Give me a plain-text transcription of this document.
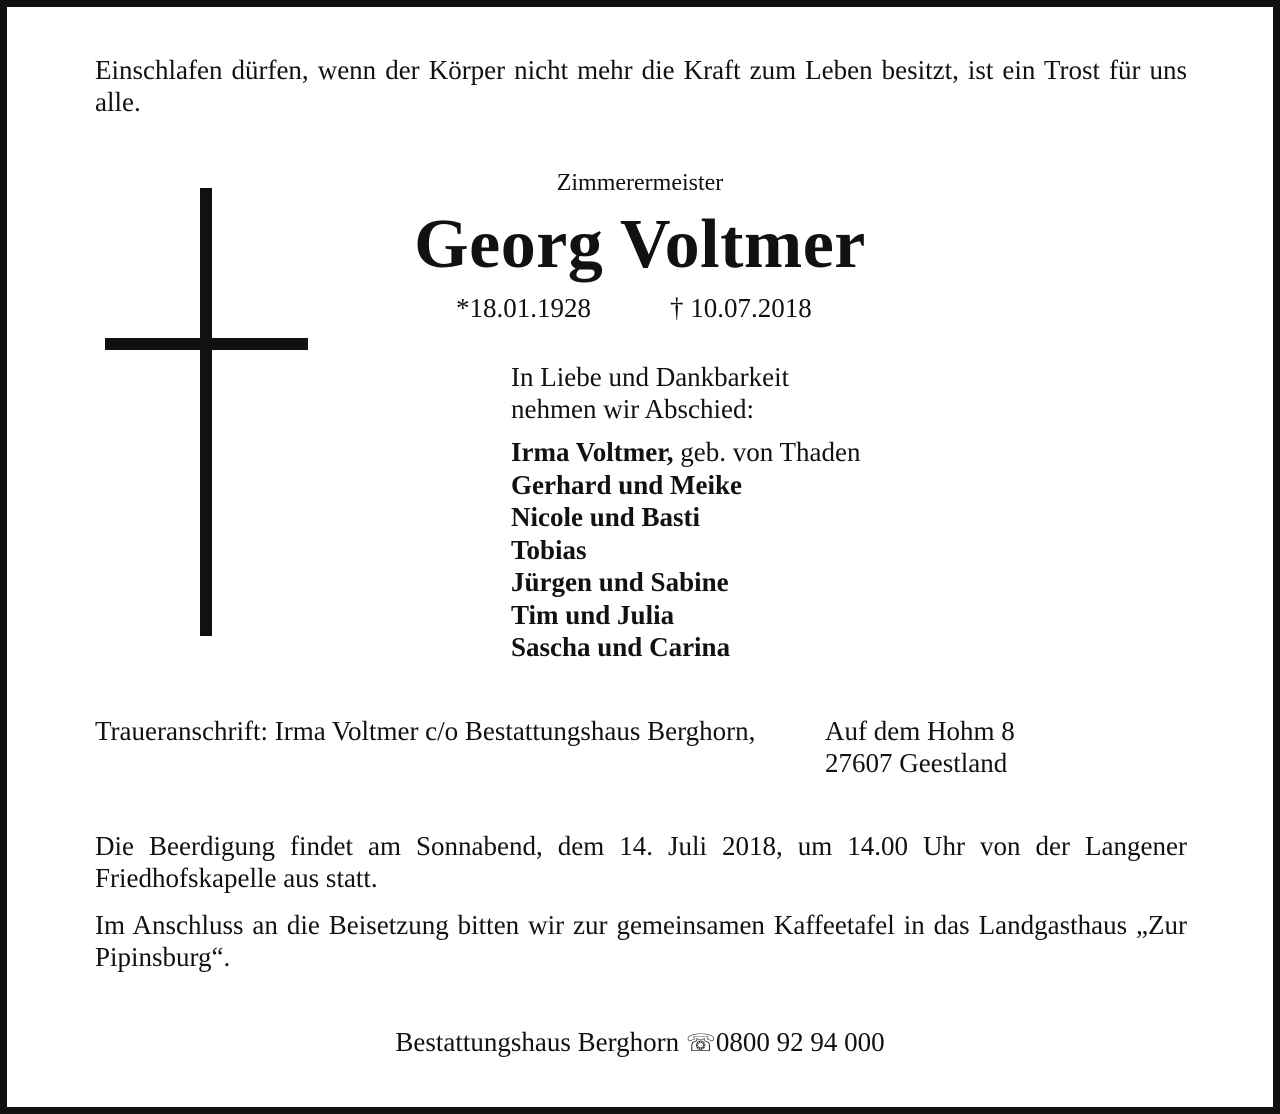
Einschlafen dürfen, wenn der Körper nicht mehr die Kraft zum Leben besitzt, ist ein Trost für uns alle.

Zimmerermeister
Georg Voltmer
*18.01.1928	† 10.07.2018
In Liebe und Dankbarkeit
nehmen wir Abschied:
Irma Voltmer, geb. von Thaden
Gerhard und Meike
Nicole und Basti
Tobias
Jürgen und Sabine
Tim und Julia
Sascha und Carina
Traueranschrift: Irma Voltmer c/o Bestattungshaus Berghorn,	Auf dem Hohm 8
27607 Geestland

Die Beerdigung findet am Sonnabend, dem 14. Juli 2018, um 14.00 Uhr von der Langener Friedhofskapelle aus statt.

Im Anschluss an die Beisetzung bitten wir zur gemeinsamen Kaffeetafel in das Landgasthaus „Zur Pipinsburg“.

Bestattungshaus Berghorn ☏0800 92 94 000
